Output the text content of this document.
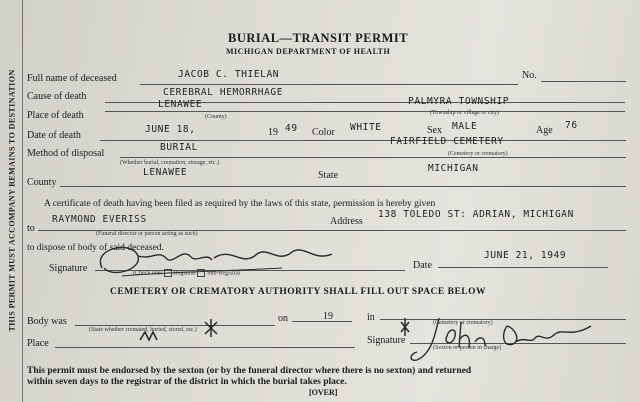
THIS PERMIT MUST ACCOMPANY REMAINS TO DESTINATION
BURIAL—TRANSIT PERMIT
MICHIGAN DEPARTMENT OF HEALTH
Full name of deceased	JACOB C. THIELAN	No.
Cause of death	CEREBRAL HEMORRHAGE
Place of death
LENAWEE	PALMYRA TOWNSHIP
(County)
(Township or village or city)
Date of death
JUNE 18,	19 49 Color WHITE	Sex MALE	Age 76
Method of disposal
BURIAL
FAIRFIELD CEMETERY
(Whether burial, cremation, storage, etc.)
(Cemetery or crematory)
County
LENAWEE	State
MICHIGAN
A certificate of death having been filed as required by the laws of this state, permission is hereby given
to
RAYMOND EVERISS
(Funeral director or person acting as such)
Address
138 TOLEDO ST: ADRIAN, MICHIGAN
to dispose of body of said deceased.
Signature	(Check one: Registrar Sub-Registrar
Date
JUNE 21, 1949
CEMETERY OR CREMATORY AUTHORITY SHALL FILL OUT SPACE BELOW
Body was
(State whether cremated, buried, stored, etc.)
on	19	in	(Cemetery or crematory)
Place	Signature
(Sexton or person in charge)
This permit must be endorsed by the sexton (or by the funeral director where there is no sexton) and returned
within seven days to the registrar of the district in which the burial takes place.
[OVER]
